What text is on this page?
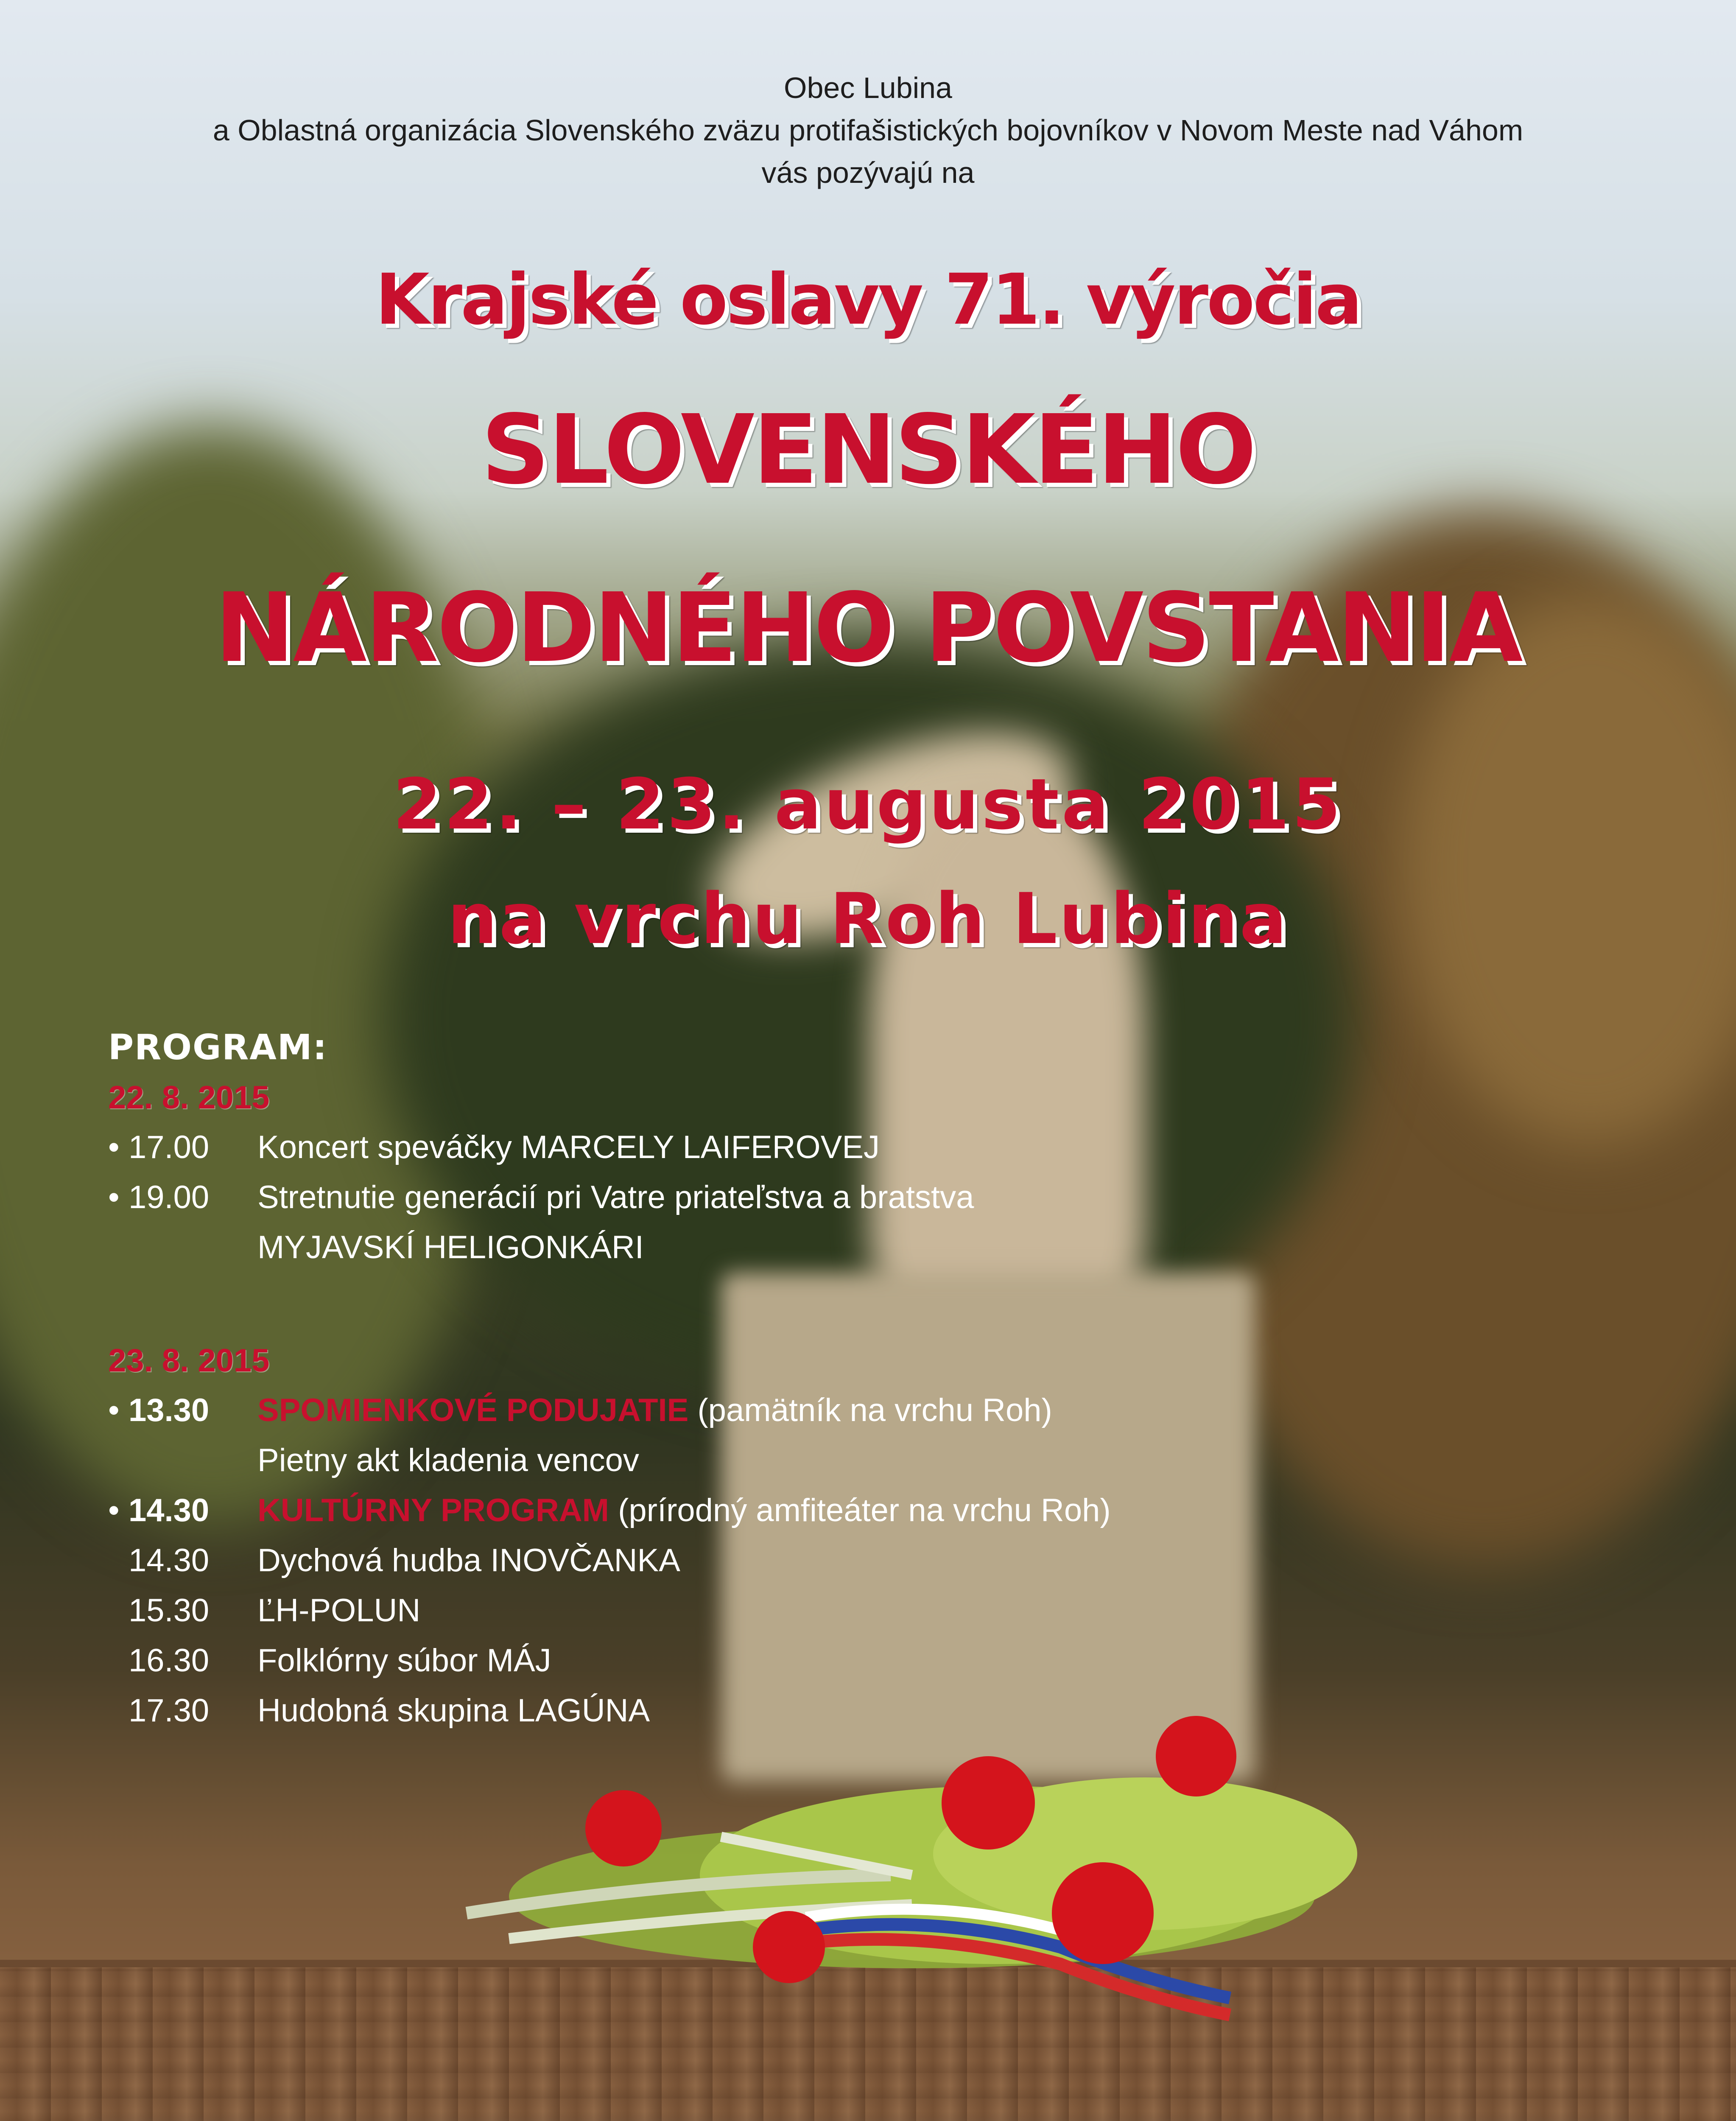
Obec Lubina
a Oblastná organizácia Slovenského zväzu protifašistických bojovníkov v Novom Meste nad Váhom
vás pozývajú na
Krajské oslavy 71. výročia
SLOVENSKÉHO
NÁRODNÉHO POVSTANIA
22. – 23. augusta 2015
na vrchu Roh Lubina
PROGRAM:
22. 8. 2015
• 17.00 Koncert speváčky MARCELY LAIFEROVEJ
• 19.00 Stretnutie generácií pri Vatre priateľstva a bratstva
MYJAVSKÍ HELIGONKÁRI
23. 8. 2015
• 13.30 SPOMIENKOVÉ PODUJATIE (pamätník na vrchu Roh)
Pietny akt kladenia vencov
• 14.30 KULTÚRNY PROGRAM (prírodný amfiteáter na vrchu Roh)
14.30 Dychová hudba INOVČANKA
15.30 ĽH-POLUN
16.30 Folklórny súbor MÁJ
17.30 Hudobná skupina LAGÚNA
